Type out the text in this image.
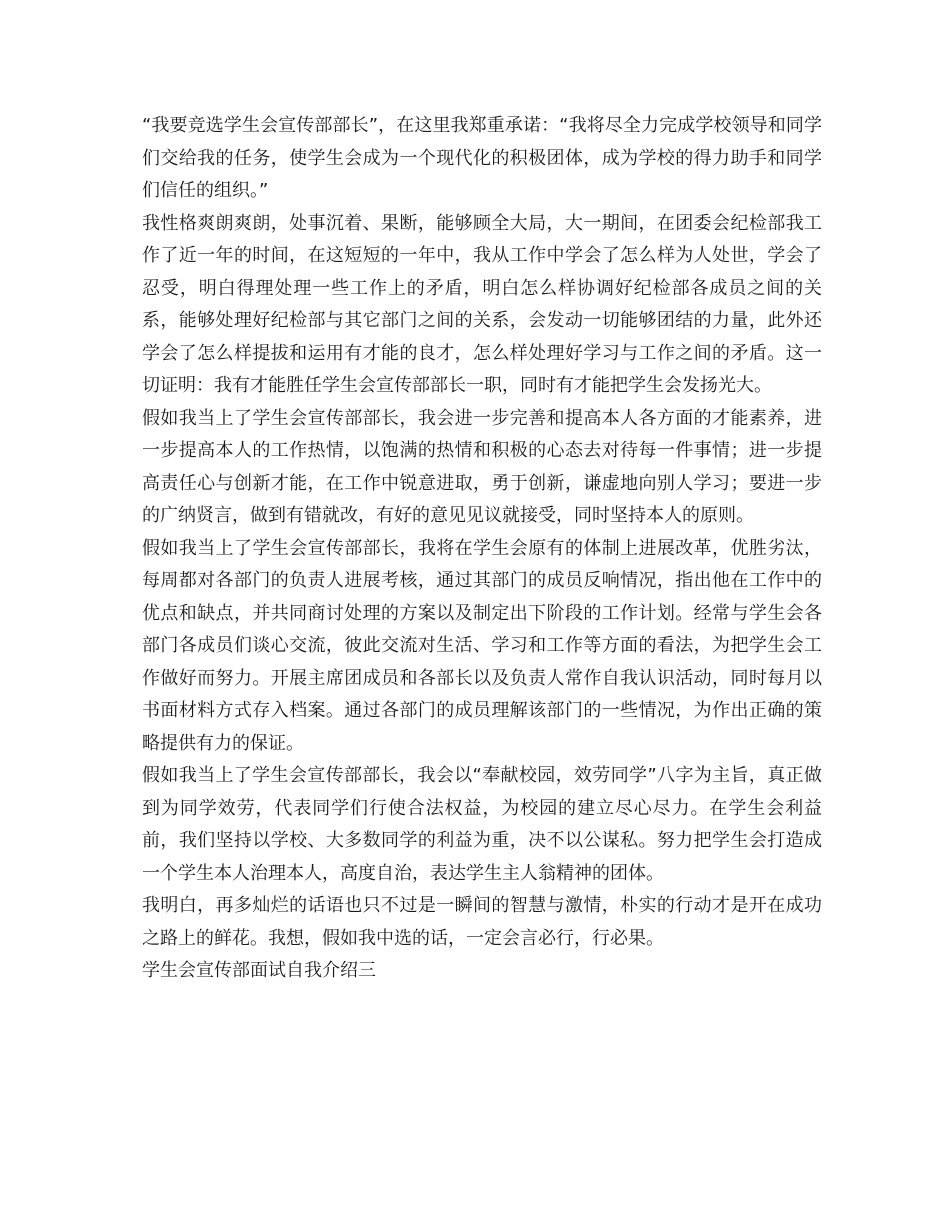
“我要竞选学生会宣传部部长”，在这里我郑重承诺：“我将尽全力完成学校领导和同学们交给我的任务，使学生会成为一个现代化的积极团体，成为学校的得力助手和同学们信任的组织。”

我性格爽朗爽朗，处事沉着、果断，能够顾全大局，大一期间，在团委会纪检部我工作了近一年的时间，在这短短的一年中，我从工作中学会了怎么样为人处世，学会了忍受，明白得理处理一些工作上的矛盾，明白怎么样协调好纪检部各成员之间的关系，能够处理好纪检部与其它部门之间的关系，会发动一切能够团结的力量，此外还学会了怎么样提拔和运用有才能的良才，怎么样处理好学习与工作之间的矛盾。这一切证明：我有才能胜任学生会宣传部部长一职，同时有才能把学生会发扬光大。

假如我当上了学生会宣传部部长，我会进一步完善和提高本人各方面的才能素养，进一步提高本人的工作热情，以饱满的热情和积极的心态去对待每一件事情；进一步提高责任心与创新才能，在工作中锐意进取，勇于创新，谦虚地向别人学习；要进一步的广纳贤言，做到有错就改，有好的意见见议就接受，同时坚持本人的原则。

假如我当上了学生会宣传部部长，我将在学生会原有的体制上进展改革，优胜劣汰，每周都对各部门的负责人进展考核，通过其部门的成员反响情况，指出他在工作中的优点和缺点，并共同商讨处理的方案以及制定出下阶段的工作计划。经常与学生会各部门各成员们谈心交流，彼此交流对生活、学习和工作等方面的看法，为把学生会工作做好而努力。开展主席团成员和各部长以及负责人常作自我认识活动，同时每月以书面材料方式存入档案。通过各部门的成员理解该部门的一些情况，为作出正确的策略提供有力的保证。

假如我当上了学生会宣传部部长，我会以“奉献校园，效劳同学”八字为主旨，真正做到为同学效劳，代表同学们行使合法权益，为校园的建立尽心尽力。在学生会利益前，我们坚持以学校、大多数同学的利益为重，决不以公谋私。努力把学生会打造成一个学生本人治理本人，高度自治，表达学生主人翁精神的团体。

我明白，再多灿烂的话语也只不过是一瞬间的智慧与激情，朴实的行动才是开在成功之路上的鲜花。我想，假如我中选的话，一定会言必行，行必果。

学生会宣传部面试自我介绍三
